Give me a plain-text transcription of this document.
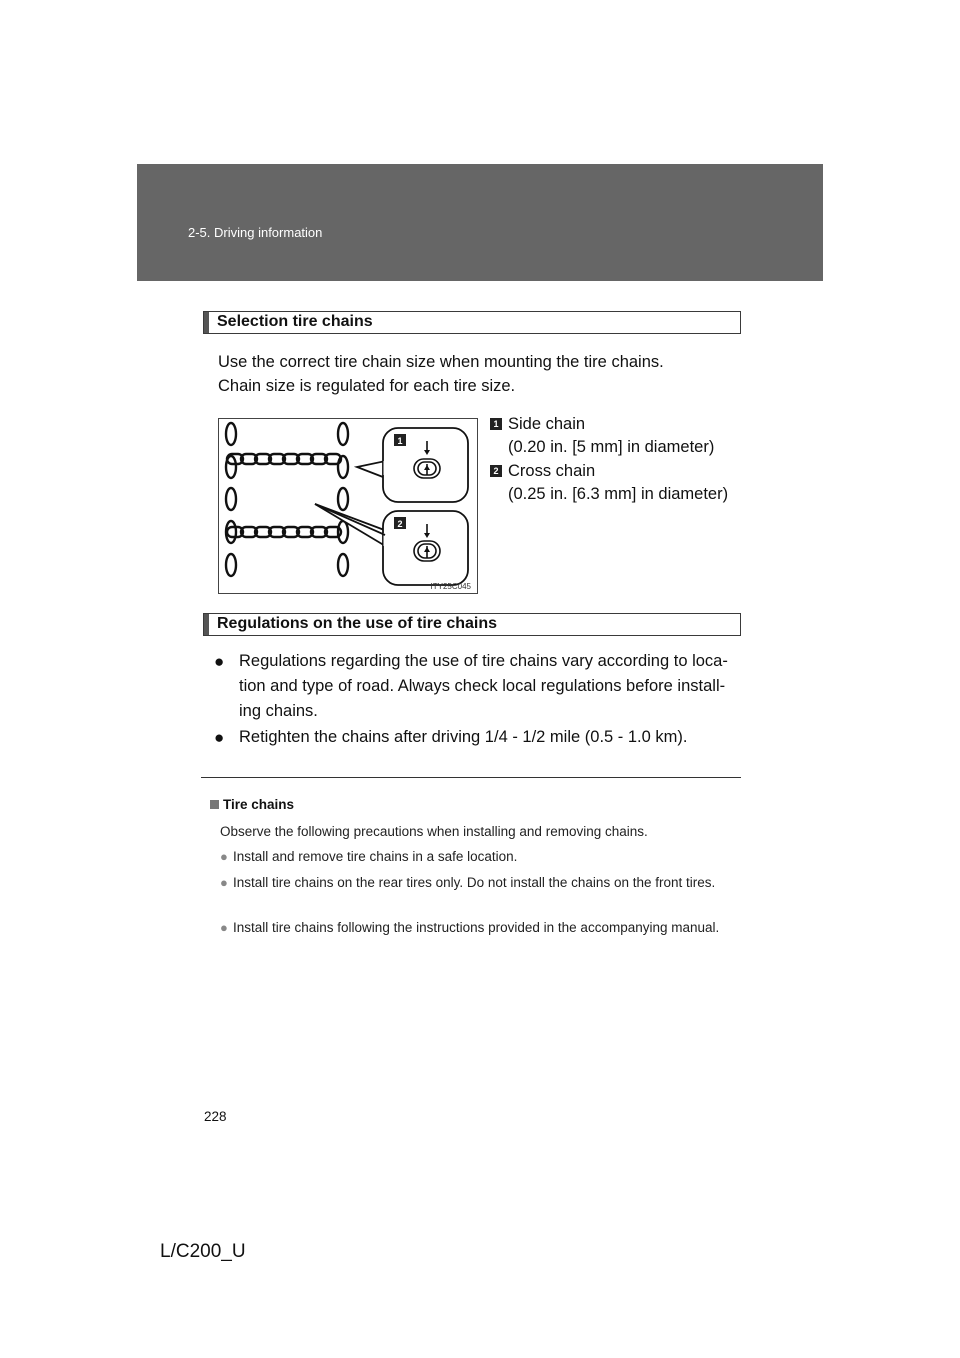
2-5. Driving information
Selection tire chains
Use the correct tire chain size when mounting the tire chains.
Chain size is regulated for each tire size.
1
2
ITY25C045
1 Side chain
(0.20 in. [5 mm] in diameter)
2 Cross chain
(0.25 in. [6.3 mm] in diameter)
Regulations on the use of tire chains
● Regulations regarding the use of tire chains vary according to loca-tion and type of road. Always check local regulations before install-ing chains.
● Retighten the chains after driving 1/4 - 1/2 mile (0.5 - 1.0 km).
Tire chains
Observe the following precautions when installing and removing chains.
● Install and remove tire chains in a safe location.
● Install tire chains on the rear tires only. Do not install the chains on the front tires.
● Install tire chains following the instructions provided in the accompanying manual.
228
L/C200_U
